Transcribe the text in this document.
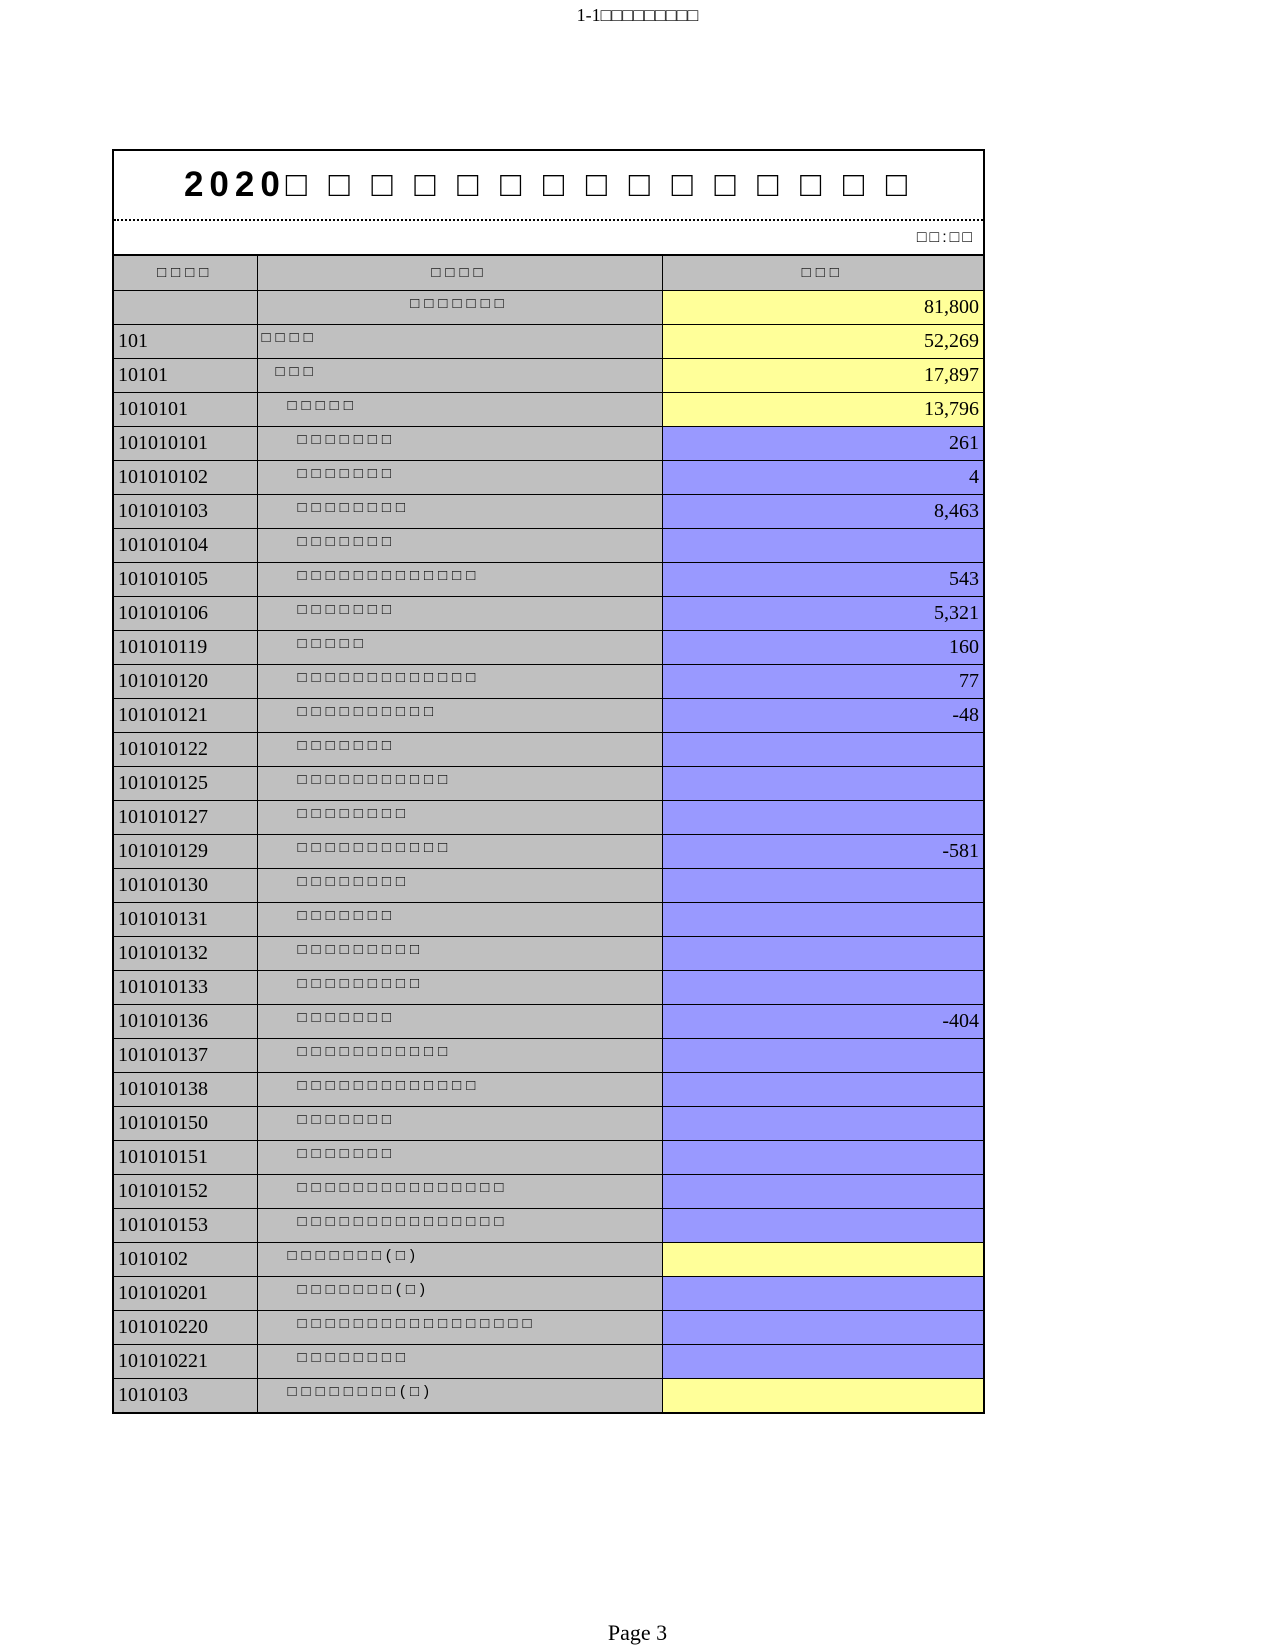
1-1□□□□□□□□□
2020□ □ □ □ □ □ □ □ □ □ □ □ □ □ □
□□:□□
□□□□	□□□□	□□□
	□□□□□□□	81,800
101	□□□□	52,269
10101	□□□	17,897
1010101	□□□□□	13,796
101010101	□□□□□□□	261
101010102	□□□□□□□	4
101010103	□□□□□□□□	8,463
101010104	□□□□□□□	
101010105	□□□□□□□□□□□□□	543
101010106	□□□□□□□	5,321
101010119	□□□□□	160
101010120	□□□□□□□□□□□□□	77
101010121	□□□□□□□□□□	-48
101010122	□□□□□□□	
101010125	□□□□□□□□□□□	
101010127	□□□□□□□□	
101010129	□□□□□□□□□□□	-581
101010130	□□□□□□□□	
101010131	□□□□□□□	
101010132	□□□□□□□□□	
101010133	□□□□□□□□□	
101010136	□□□□□□□	-404
101010137	□□□□□□□□□□□	
101010138	□□□□□□□□□□□□□	
101010150	□□□□□□□	
101010151	□□□□□□□	
101010152	□□□□□□□□□□□□□□□	
101010153	□□□□□□□□□□□□□□□	
1010102	□□□□□□□(□)	
101010201	□□□□□□□(□)	
101010220	□□□□□□□□□□□□□□□□□	
101010221	□□□□□□□□	
1010103	□□□□□□□□(□)	
Page 3
